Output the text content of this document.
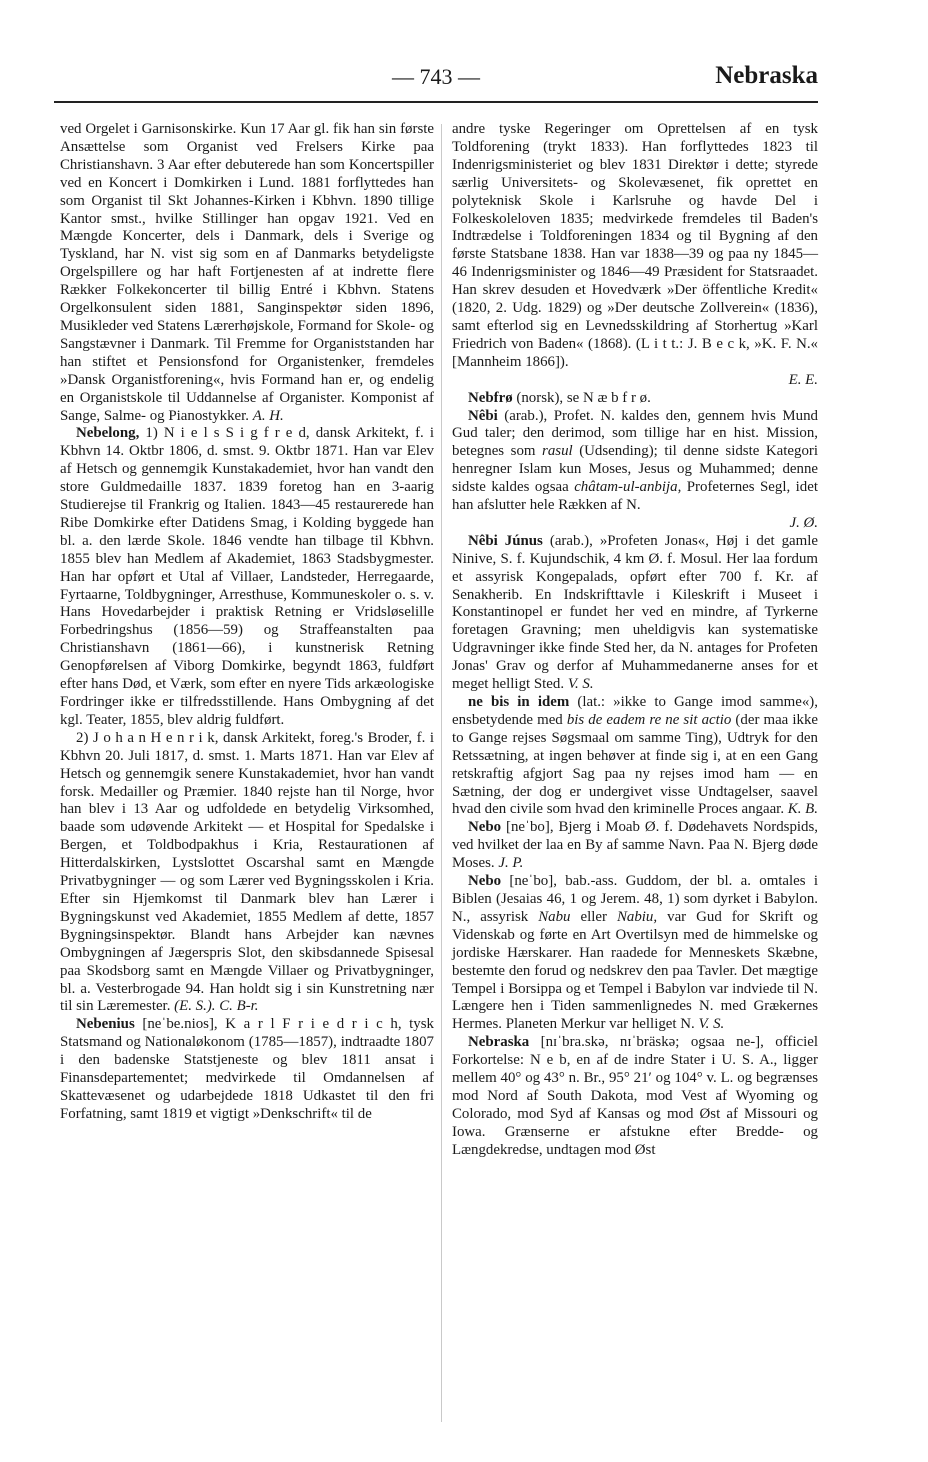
— 743 —	Nebraska

ved Orgelet i Garnisonskirke. Kun 17 Aar gl. fik han sin første Ansættelse som Organist ved Frelsers Kirke paa Christianshavn. 3 Aar efter debuterede han som Koncertspiller ved en Koncert i Domkirken i Lund. 1881 forflyttedes han som Organist til Skt Johannes-Kirken i Kbhvn. 1890 tillige Kantor smst., hvilke Stillinger han opgav 1921. Ved en Mængde Koncerter, dels i Danmark, dels i Sverige og Tyskland, har N. vist sig som en af Danmarks betydeligste Orgelspillere og har haft Fortjenesten af at indrette flere Rækker Folkekoncerter til billig Entré i Kbhvn. Statens Orgelkonsulent siden 1881, Sanginspektør siden 1896, Musikleder ved Statens Lærerhøjskole, Formand for Skole- og Sangstævner i Danmark. Til Fremme for Organiststanden har han stiftet et Pensionsfond for Organistenker, fremdeles »Dansk Organistforening«, hvis Formand han er, og endelig en Organistskole til Uddannelse af Organister. Komponist af Sange, Salme- og Pianostykker. A. H.

Nebelong, 1) N i e l s S i g f r e d, dansk Arkitekt, f. i Kbhvn 14. Oktbr 1806, d. smst. 9. Oktbr 1871. Han var Elev af Hetsch og gennemgik Kunstakademiet, hvor han vandt den store Guldmedaille 1837. 1839 foretog han en 3-aarig Studierejse til Frankrig og Italien. 1843—45 restaurerede han Ribe Domkirke efter Datidens Smag, i Kolding byggede han bl. a. den lærde Skole. 1846 vendte han tilbage til Kbhvn. 1855 blev han Medlem af Akademiet, 1863 Stadsbygmester. Han har opført et Utal af Villaer, Landsteder, Herregaarde, Fyrtaarne, Toldbygninger, Arresthuse, Kommuneskoler o. s. v. Hans Hovedarbejder i praktisk Retning er Vridsløselille Forbedringshus (1856—59) og Straffeanstalten paa Christianshavn (1861—66), i kunstnerisk Retning Genopførelsen af Viborg Domkirke, begyndt 1863, fuldført efter hans Død, et Værk, som efter en nyere Tids arkæologiske Fordringer ikke er tilfredsstillende. Hans Ombygning af det kgl. Teater, 1855, blev aldrig fuldført.

2) J o h a n H e n r i k, dansk Arkitekt, foreg.'s Broder, f. i Kbhvn 20. Juli 1817, d. smst. 1. Marts 1871. Han var Elev af Hetsch og gennemgik senere Kunstakademiet, hvor han vandt forsk. Medailler og Præmier. 1840 rejste han til Norge, hvor han blev i 13 Aar og udfoldede en betydelig Virksomhed, baade som udøvende Arkitekt — et Hospital for Spedalske i Bergen, et Toldbodpakhus i Kria, Restaurationen af Hitterdalskirken, Lystslottet Oscarshal samt en Mængde Privatbygninger — og som Lærer ved Bygningsskolen i Kria. Efter sin Hjemkomst til Danmark blev han Lærer i Bygningskunst ved Akademiet, 1855 Medlem af dette, 1857 Bygningsinspektør. Blandt hans Arbejder kan nævnes Ombygningen af Jægerspris Slot, den skibsdannede Spisesal paa Skodsborg samt en Mængde Villaer og Privatbygninger, bl. a. Vesterbrogade 94. Han holdt sig i sin Kunstretning nær til sin Læremester. (E. S.). C. B-r.

Nebenius [neˈbe.nios], K a r l F r i e d r i c h, tysk Statsmand og Nationaløkonom (1785—1857), indtraadte 1807 i den badenske Statstjeneste og blev 1811 ansat i Finansdepartementet; medvirkede til Omdannelsen af Skattevæsenet og udarbejdede 1818 Udkastet til den fri Forfatning, samt 1819 et vigtigt »Denkschrift« til de

andre tyske Regeringer om Oprettelsen af en tysk Toldforening (trykt 1833). Han forflyttedes 1823 til Indenrigsministeriet og blev 1831 Direktør i dette; styrede særlig Universitets- og Skolevæsenet, fik oprettet en polyteknisk Skole i Karlsruhe og havde Del i Folkeskoleloven 1835; medvirkede fremdeles til Baden's Indtrædelse i Toldforeningen 1834 og til Bygning af den første Statsbane 1838. Han var 1838—39 og paa ny 1845—46 Indenrigsminister og 1846—49 Præsident for Statsraadet. Han skrev desuden et Hovedværk »Der öffentliche Kredit« (1820, 2. Udg. 1829) og »Der deutsche Zollverein« (1836), samt efterlod sig en Levnedsskildring af Storhertug »Karl Friedrich von Baden« (1868). (L i t t.: J. B e c k, »K. F. N.« [Mannheim 1866]).

E. E.

Nebfrø (norsk), se N æ b f r ø.

Nêbi (arab.), Profet. N. kaldes den, gennem hvis Mund Gud taler; den derimod, som tillige har en hist. Mission, betegnes som rasul (Udsending); til denne sidste Kategori henregner Islam kun Moses, Jesus og Muhammed; denne sidste kaldes ogsaa châtam-ul-anbija, Profeternes Segl, idet han afslutter hele Rækken af N.

J. Ø.

Nêbi Júnus (arab.), »Profeten Jonas«, Høj i det gamle Ninive, S. f. Kujundschik, 4 km Ø. f. Mosul. Her laa fordum et assyrisk Kongepalads, opført efter 700 f. Kr. af Senakherib. En Indskrifttavle i Kileskrift i Museet i Konstantinopel er fundet her ved en mindre, af Tyrkerne foretagen Gravning; men uheldigvis kan systematiske Udgravninger ikke finde Sted her, da N. antages for Profeten Jonas' Grav og derfor af Muhammedanerne anses for et meget helligt Sted. V. S.

ne bis in idem (lat.: »ikke to Gange imod samme«), ensbetydende med bis de eadem re ne sit actio (der maa ikke to Gange rejses Søgsmaal om samme Ting), Udtryk for den Retssætning, at ingen behøver at finde sig i, at en een Gang retskraftig afgjort Sag paa ny rejses imod ham — en Sætning, der dog er undergivet visse Undtagelser, saavel hvad den civile som hvad den kriminelle Proces angaar. K. B.

Nebo [neˈbo], Bjerg i Moab Ø. f. Dødehavets Nordspids, ved hvilket der laa en By af samme Navn. Paa N. Bjerg døde Moses. J. P.

Nebo [neˈbo], bab.-ass. Guddom, der bl. a. omtales i Biblen (Jesaias 46, 1 og Jerem. 48, 1) som dyrket i Babylon. N., assyrisk Nabu eller Nabiu, var Gud for Skrift og Videnskab og førte en Art Overtilsyn med de himmelske og jordiske Hærskarer. Han raadede for Menneskets Skæbne, bestemte den forud og nedskrev den paa Tavler. Det mægtige Tempel i Borsippa og et Tempel i Babylon var indviede til N. Længere hen i Tiden sammenlignedes N. med Grækernes Hermes. Planeten Merkur var helliget N. V. S.

Nebraska [nɪˈbra.skə, nɪˈbräskə; ogsaa ne-], officiel Forkortelse: N e b, en af de indre Stater i U. S. A., ligger mellem 40° og 43° n. Br., 95° 21′ og 104° v. L. og begrænses mod Nord af South Dakota, mod Vest af Wyoming og Colorado, mod Syd af Kansas og mod Øst af Missouri og Iowa. Grænserne er afstukne efter Bredde- og Længdekredse, undtagen mod Øst
